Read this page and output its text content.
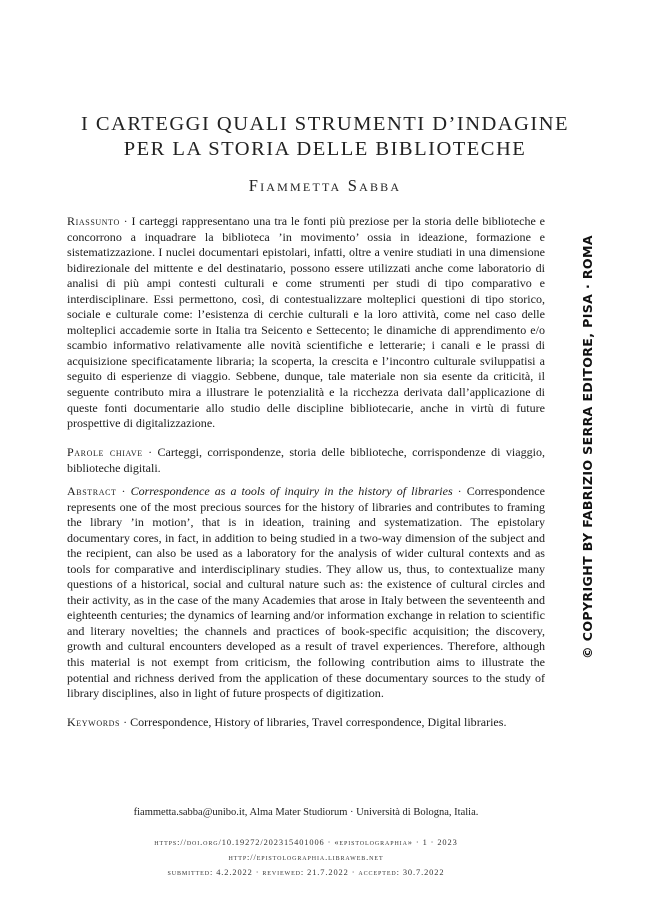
I CARTEGGI QUALI STRUMENTI D’INDAGINE
PER LA STORIA DELLE BIBLIOTECHE
Fiammetta Sabba
Riassunto · I carteggi rappresentano una tra le fonti più preziose per la storia delle biblioteche e concorrono a inquadrare la biblioteca ’in movimento’ ossia in ideazione, formazione e sistematizzazione. I nuclei documentari epistolari, infatti, oltre a venire studiati in una dimensione bidirezionale del mittente e del destinatario, possono essere utilizzati anche come laboratorio di analisi di più ampi contesti culturali e come strumenti per studi di tipo comparativo e interdisciplinare. Essi permettono, così, di contestualizzare molteplici questioni di tipo storico, sociale e culturale come: l’esistenza di cerchie culturali e la loro attività, come nel caso delle molteplici accademie sorte in Italia tra Seicento e Settecento; le dinamiche di apprendimento e/o scambio informativo relativamente alle novità scientifiche e letterarie; i canali e le prassi di acquisizione specificatamente libraria; la scoperta, la crescita e l’incontro culturale sviluppatisi a seguito di esperienze di viaggio. Sebbene, dunque, tale materiale non sia esente da criticità, il seguente contributo mira a illustrare le potenzialità e la ricchezza derivata dall’applicazione di queste fonti documentarie allo studio delle discipline bibliotecarie, anche in virtù di future prospettive di digitalizzazione.
Parole chiave · Carteggi, corrispondenze, storia delle biblioteche, corrispondenze di viaggio, biblioteche digitali.
Abstract · Correspondence as a tools of inquiry in the history of libraries · Correspondence represents one of the most precious sources for the history of libraries and contributes to framing the library ’in motion’, that is in ideation, training and systematization. The epistolary documentary cores, in fact, in addition to being studied in a two-way dimension of the subject and the recipient, can also be used as a laboratory for the analysis of wider cultural contexts and as tools for comparative and interdisciplinary studies. They allow us, thus, to contextualize many questions of a historical, social and cultural nature such as: the existence of cultural circles and their activity, as in the case of the many Academies that arose in Italy between the seventeenth and eighteenth centuries; the dynamics of learning and/or information exchange in relation to scientific and literary novelties; the channels and practices of book-specific acquisition; the discovery, growth and cultural encounters developed as a result of travel experiences. Therefore, although this material is not exempt from criticism, the following contribution aims to illustrate the potential and richness derived from the application of these documentary sources to the study of library disciplines, also in light of future prospects of digitization.
Keywords · Correspondence, History of libraries, Travel correspondence, Digital libraries.
fiammetta.sabba@unibo.it, Alma Mater Studiorum · Università di Bologna, Italia.
https://doi.org/10.19272/202315401006 · «epistolographia» · 1 · 2023
http://epistolographia.libraweb.net
submitted: 4.2.2022 · reviewed: 21.7.2022 · accepted: 30.7.2022
© COPYRIGHT BY FABRIZIO SERRA EDITORE, PISA · ROMA
